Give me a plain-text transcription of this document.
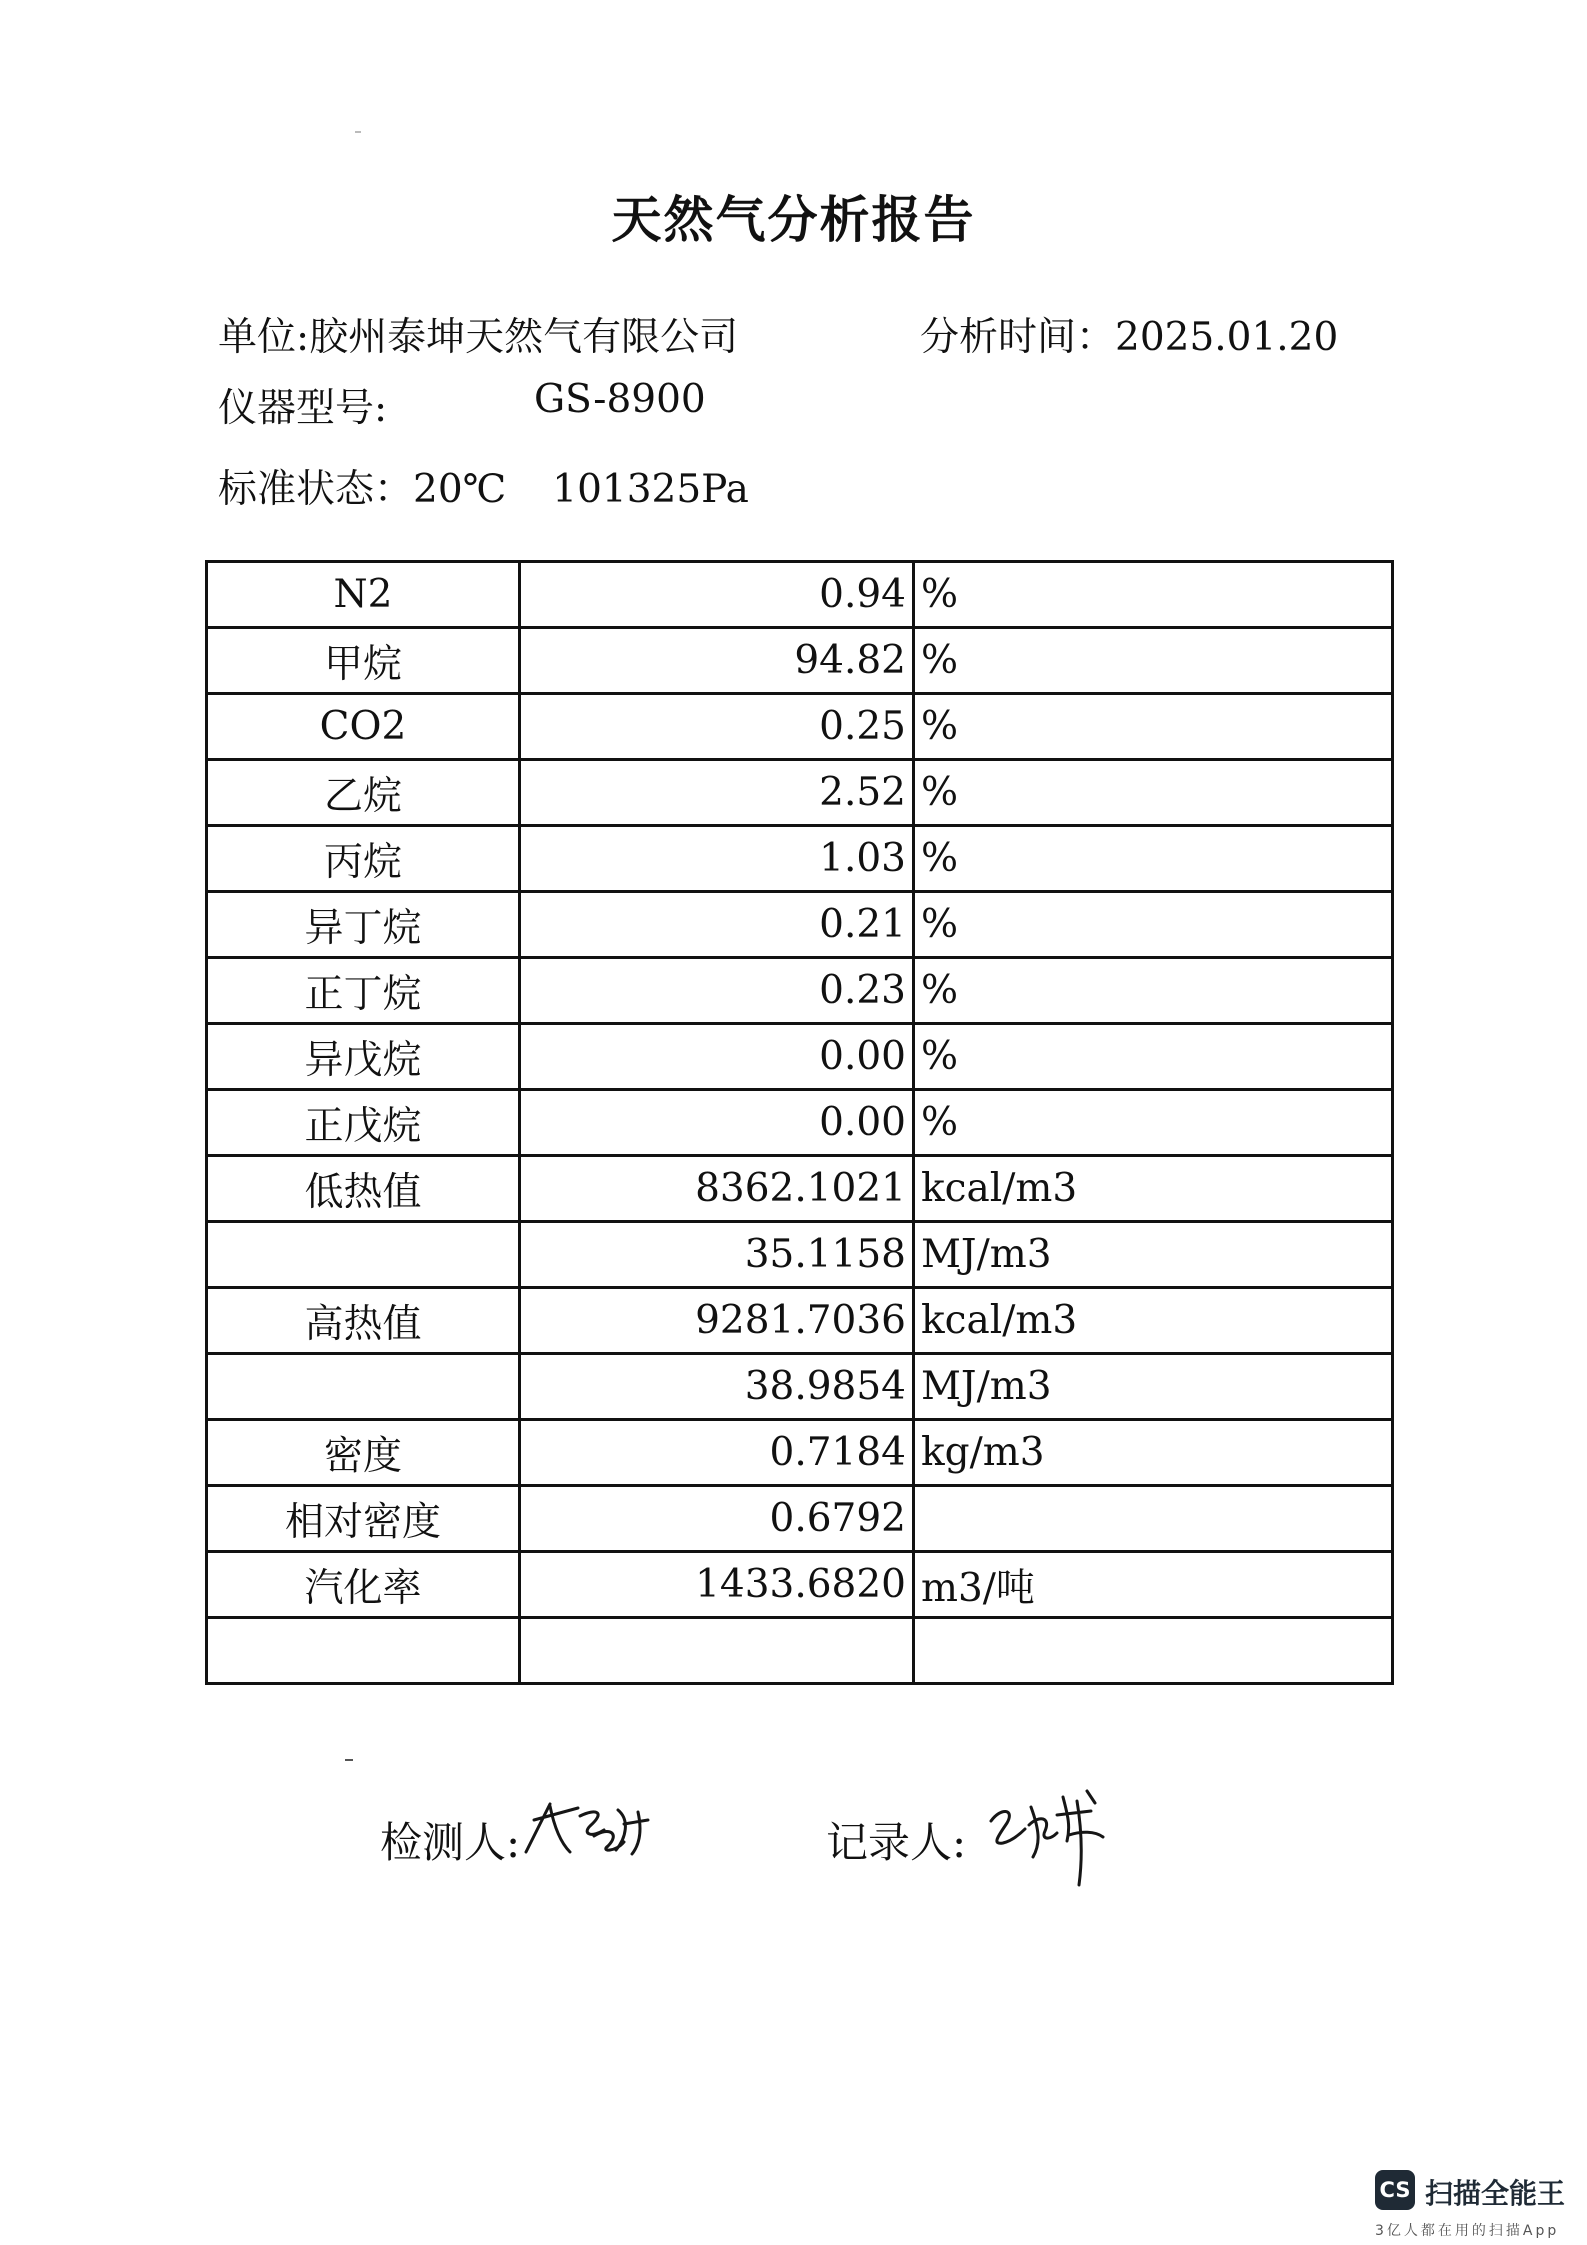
天然气分析报告
单位:胶州泰坤天然气有限公司	分析时间：2025.01.20
仪器型号:	GS-8900
标准状态：20℃ 101325Pa
N2	0.94	%
甲烷	94.82	%
CO2	0.25	%
乙烷	2.52	%
丙烷	1.03	%
异丁烷	0.21	%
正丁烷	0.23	%
异戊烷	0.00	%
正戊烷	0.00	%
低热值	8362.1021	kcal/m3
	35.1158	MJ/m3
高热值	9281.7036	kcal/m3
	38.9854	MJ/m3
密度	0.7184	kg/m3
相对密度	0.6792	
汽化率	1433.6820	m3/吨

检测人:	记录人:
CS 扫描全能王
3亿人都在用的扫描App
